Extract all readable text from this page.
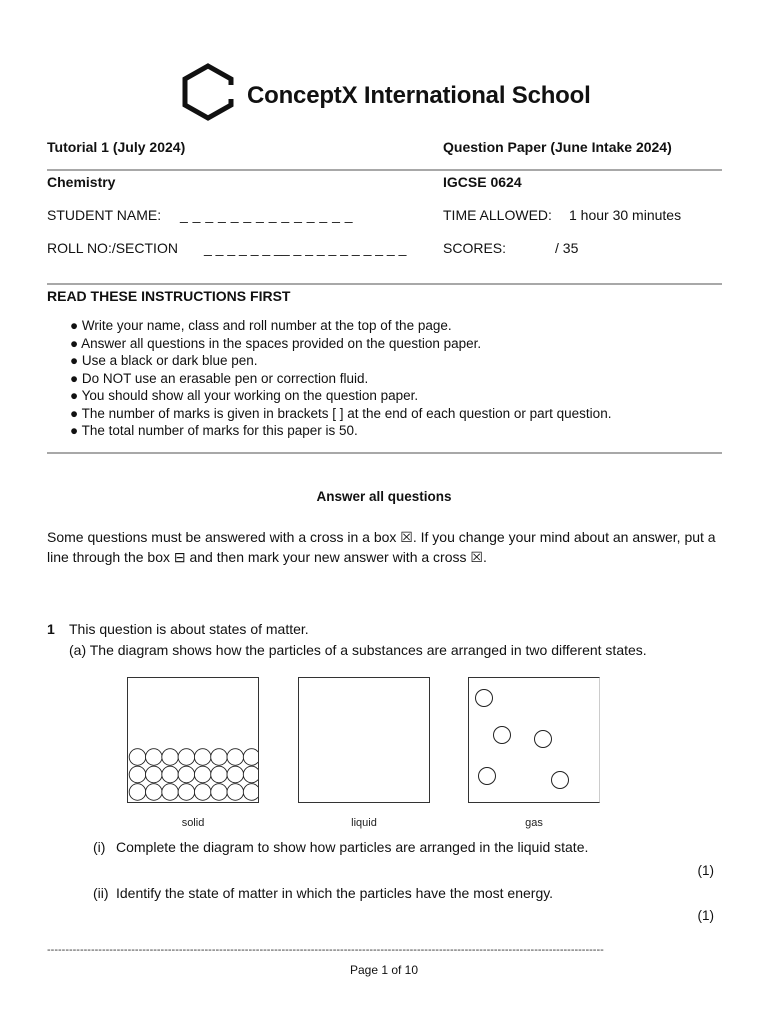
ConceptX International School
Tutorial 1 (July 2024)	Question Paper (June Intake 2024)
Chemistry	IGCSE 0624
STUDENT NAME: _ _ _ _ _ _ _ _ _ _ _ _ _ _	TIME ALLOWED: 1 hour 30 minutes
ROLL NO:/SECTION _ _ _ _ _ _ __ _ _ _ _ _ _ _ _ _ _	SCORES:	/ 35
READ THESE INSTRUCTIONS FIRST
● Write your name, class and roll number at the top of the page.
● Answer all questions in the spaces provided on the question paper.
● Use a black or dark blue pen.
● Do NOT use an erasable pen or correction fluid.
● You should show all your working on the question paper.
● The number of marks is given in brackets [ ] at the end of each question or part question.
● The total number of marks for this paper is 50.
Answer all questions
Some questions must be answered with a cross in a box ☒. If you change your mind about an answer, put a
line through the box ⊟ and then mark your new answer with a cross ☒.
1 This question is about states of matter.
(a) The diagram shows how the particles of a substances are arranged in two different states.
solid	liquid	gas
(i) Complete the diagram to show how particles are arranged in the liquid state.
(1)
(ii) Identify the state of matter in which the particles have the most energy.
(1)
--------------------------------------------------------------------------------------------------------------------------------------------------------
Page 1 of 10
